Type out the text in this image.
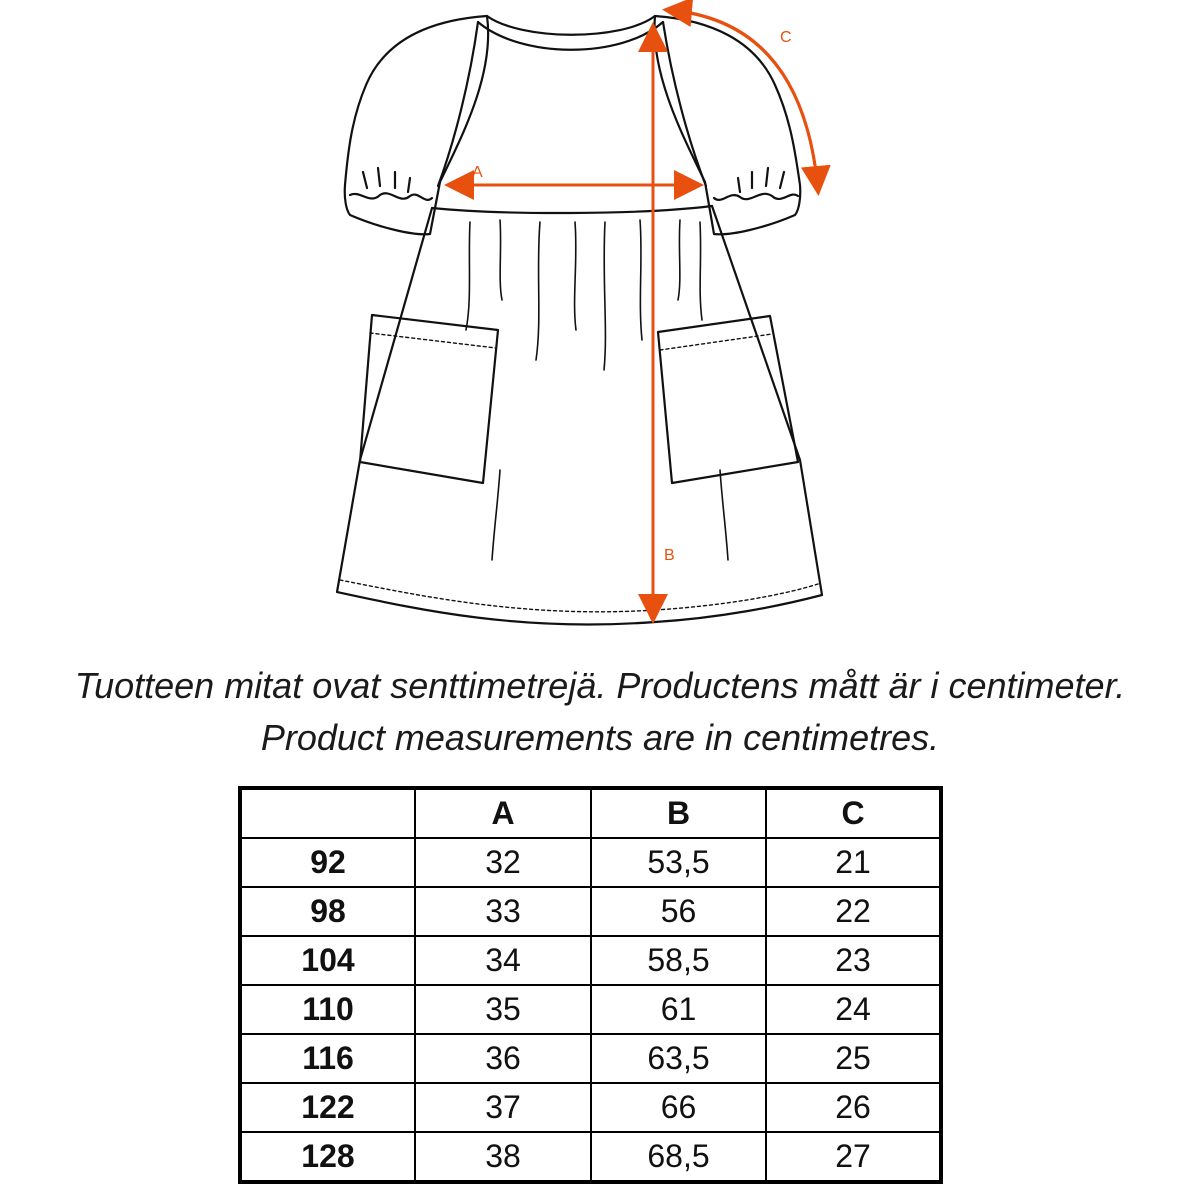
A
B
C
Tuotteen mitat ovat senttimetrejä. Productens mått är i centimeter.
Product measurements are in centimetres.
	A	B	C
92	32	53,5	21
98	33	56	22
104	34	58,5	23
110	35	61	24
116	36	63,5	25
122	37	66	26
128	38	68,5	27
